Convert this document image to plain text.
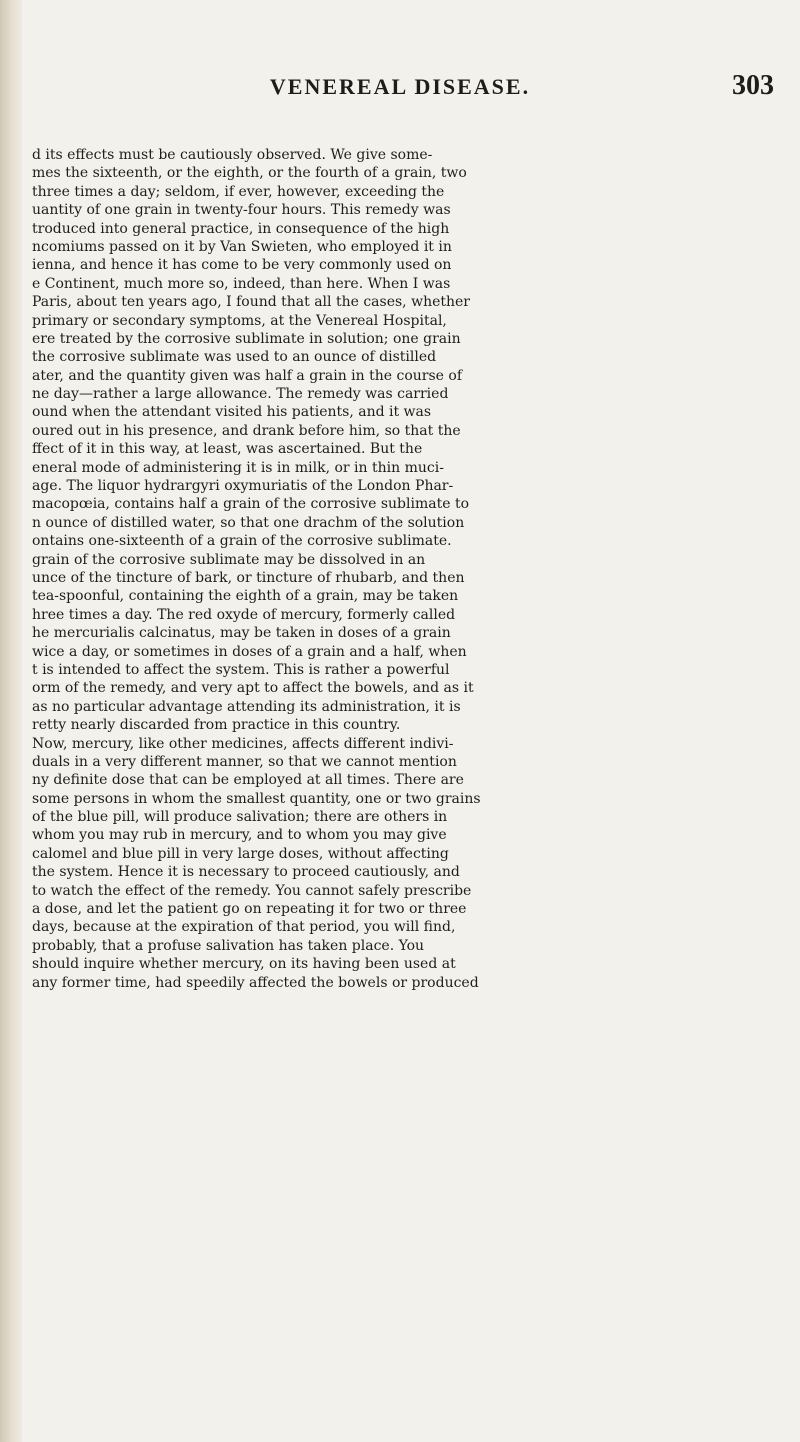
VENEREAL DISEASE.	303
d its effects must be cautiously observed. We give some-
mes the sixteenth, or the eighth, or the fourth of a grain, two
three times a day; seldom, if ever, however, exceeding the
uantity of one grain in twenty-four hours. This remedy was
troduced into general practice, in consequence of the high
ncomiums passed on it by Van Swieten, who employed it in
ienna, and hence it has come to be very commonly used on
e Continent, much more so, indeed, than here. When I was
Paris, about ten years ago, I found that all the cases, whether
primary or secondary symptoms, at the Venereal Hospital,
ere treated by the corrosive sublimate in solution; one grain
the corrosive sublimate was used to an ounce of distilled
ater, and the quantity given was half a grain in the course of
ne day—rather a large allowance. The remedy was carried
ound when the attendant visited his patients, and it was
oured out in his presence, and drank before him, so that the
ffect of it in this way, at least, was ascertained. But the
eneral mode of administering it is in milk, or in thin muci-
age. The liquor hydrargyri oxymuriatis of the London Phar-
macopœia, contains half a grain of the corrosive sublimate to
n ounce of distilled water, so that one drachm of the solution
ontains one-sixteenth of a grain of the corrosive sublimate.
grain of the corrosive sublimate may be dissolved in an
unce of the tincture of bark, or tincture of rhubarb, and then
tea-spoonful, containing the eighth of a grain, may be taken
hree times a day. The red oxyde of mercury, formerly called
he mercurialis calcinatus, may be taken in doses of a grain
wice a day, or sometimes in doses of a grain and a half, when
t is intended to affect the system. This is rather a powerful
orm of the remedy, and very apt to affect the bowels, and as it
as no particular advantage attending its administration, it is
retty nearly discarded from practice in this country.
Now, mercury, like other medicines, affects different indivi-
duals in a very different manner, so that we cannot mention
ny definite dose that can be employed at all times. There are
some persons in whom the smallest quantity, one or two grains
of the blue pill, will produce salivation; there are others in
whom you may rub in mercury, and to whom you may give
calomel and blue pill in very large doses, without affecting
the system. Hence it is necessary to proceed cautiously, and
to watch the effect of the remedy. You cannot safely prescribe
a dose, and let the patient go on repeating it for two or three
days, because at the expiration of that period, you will find,
probably, that a profuse salivation has taken place. You
should inquire whether mercury, on its having been used at
any former time, had speedily affected the bowels or produced
